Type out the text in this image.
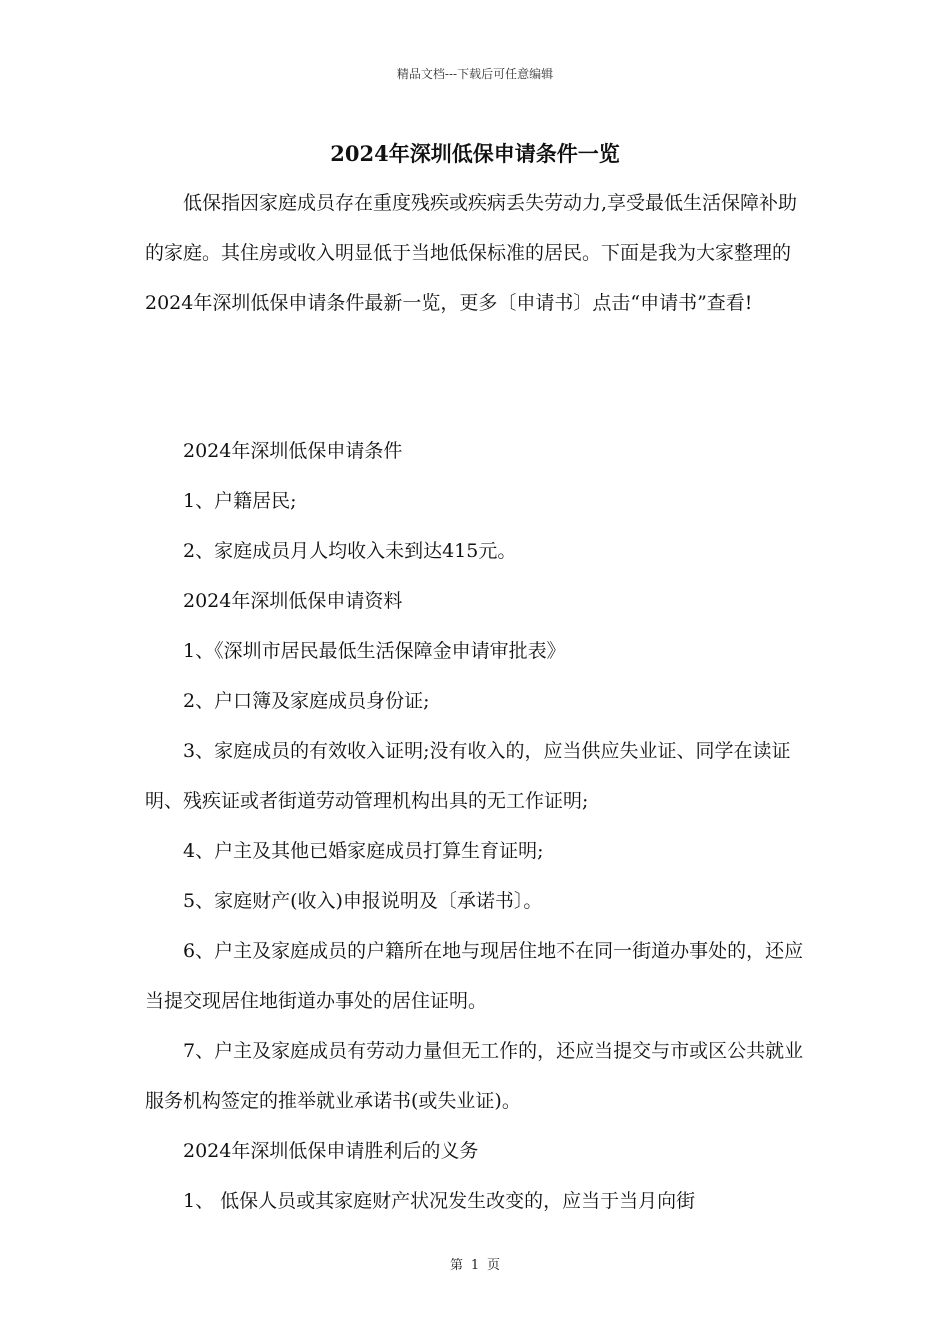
精品文档---下载后可任意编辑
2024年深圳低保申请条件一览

低保指因家庭成员存在重度残疾或疾病丢失劳动力,享受最低生活保障补助的家庭。其住房或收入明显低于当地低保标准的居民。下面是我为大家整理的2024年深圳低保申请条件最新一览，更多〔申请书〕点击“申请书”查看!

2024年深圳低保申请条件

1、户籍居民;

2、家庭成员月人均收入未到达415元。

2024年深圳低保申请资料

1、《深圳市居民最低生活保障金申请审批表》

2、户口簿及家庭成员身份证;

3、家庭成员的有效收入证明;没有收入的，应当供应失业证、同学在读证明、残疾证或者街道劳动管理机构出具的无工作证明;

4、户主及其他已婚家庭成员打算生育证明;

5、家庭财产(收入)申报说明及〔承诺书〕。

6、户主及家庭成员的户籍所在地与现居住地不在同一街道办事处的，还应当提交现居住地街道办事处的居住证明。

7、户主及家庭成员有劳动力量但无工作的，还应当提交与市或区公共就业服务机构签定的推举就业承诺书(或失业证)。

2024年深圳低保申请胜利后的义务

1、 低保人员或其家庭财产状况发生改变的，应当于当月向街

第 1 页
